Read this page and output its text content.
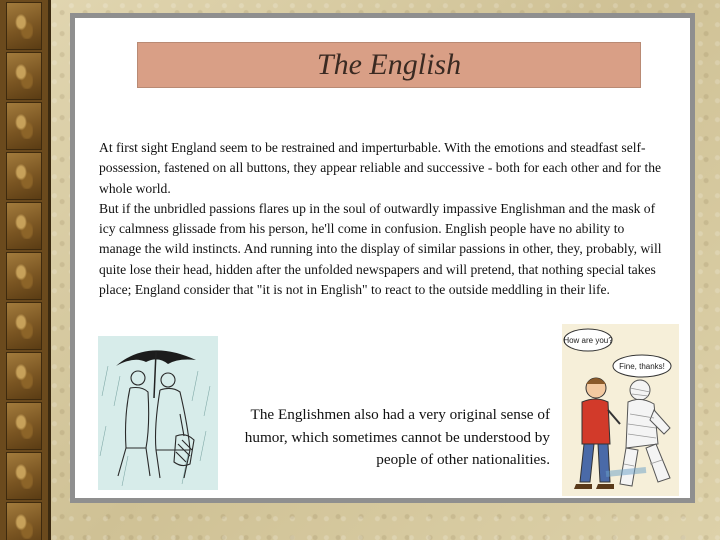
The English

At first sight England seem to be restrained and imperturbable. With the emotions and steadfast self-possession, fastened on all buttons, they appear reliable and successive - both for each other and for the whole world.

But if the unbridled passions flares up in the soul of outwardly impassive Englishman and the mask of icy calmness glissade from his person, he'll come in confusion. English people have no ability to manage the wild instincts. And running into the display of similar passions in other, they, probably, will quite lose their head, hidden after the unfolded newspapers and will pretend, that nothing special takes place; England consider that "it is not in English" to react to the outside meddling in their life.

How are you?
Fine, thanks!
The Englishmen also had a very original sense of humor, which sometimes cannot be understood by people of other nationalities.
